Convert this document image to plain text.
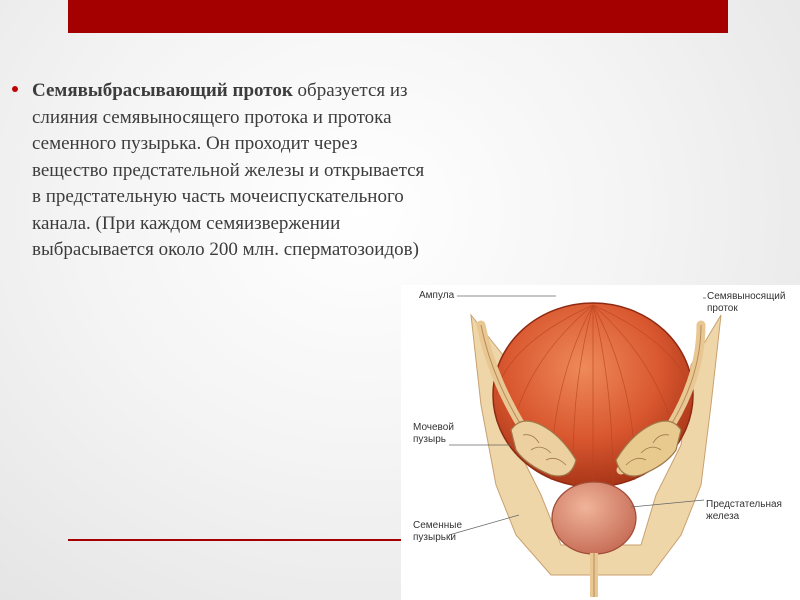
Семявыбрасывающий проток образуется из слияния семявыносящего протока и протока семенного пузырька. Он проходит через вещество предстательной железы и открывается в предстательную часть мочеиспускательного канала. (При каждом семяизвержении выбрасывается около 200 млн. сперматозоидов)

Ампула	Семявыносящий проток
Мочевой пузырь
Предстательная железа
Семенные пузырьки
